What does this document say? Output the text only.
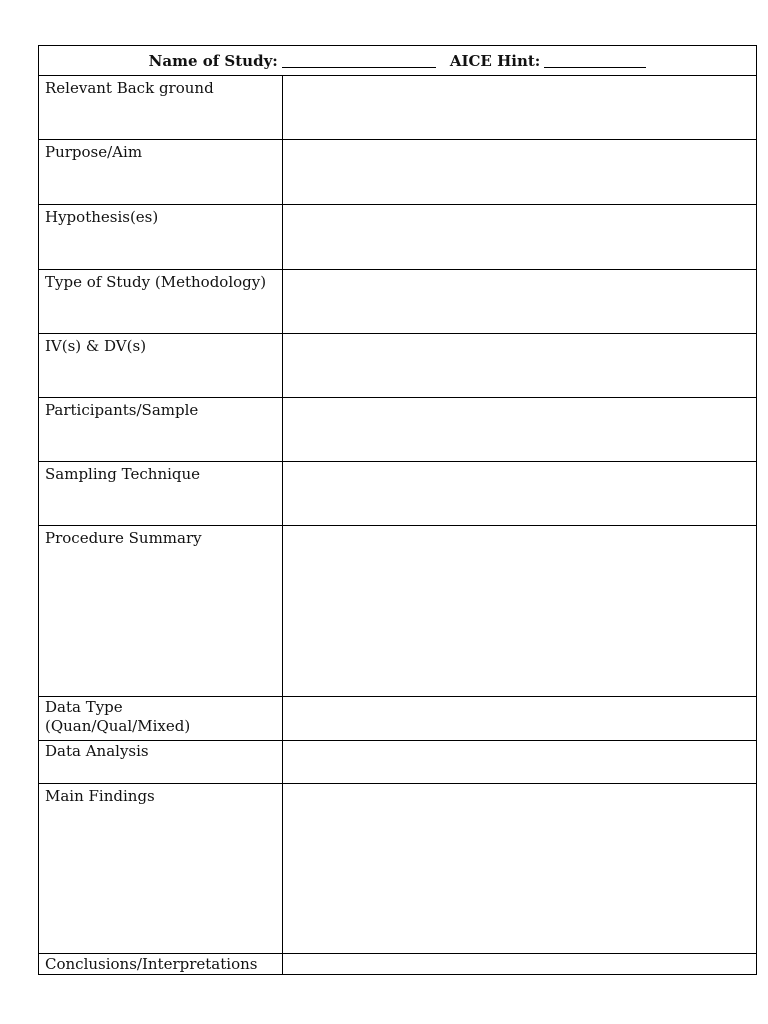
Name of Study:	AICE Hint:
Relevant Back ground
Purpose/Aim
Hypothesis(es)
Type of Study (Methodology)
IV(s) & DV(s)
Participants/Sample
Sampling Technique
Procedure Summary
Data Type
(Quan/Qual/Mixed)
Data Analysis
Main Findings
Conclusions/Interpretations
